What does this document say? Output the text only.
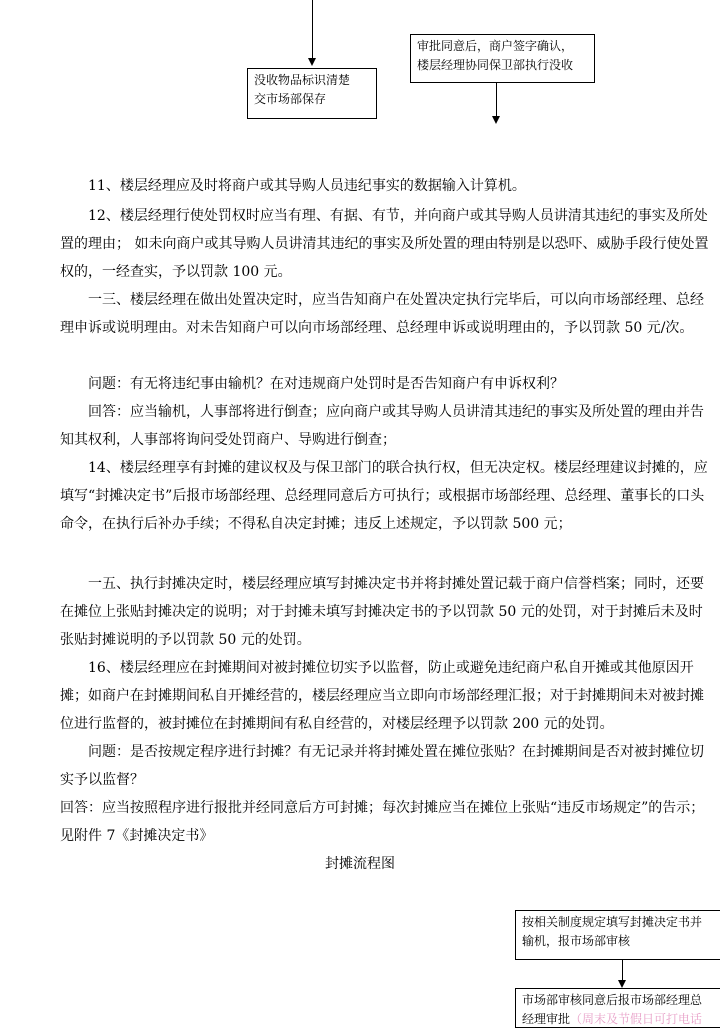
没收物品标识清楚
交市场部保存
审批同意后，商户签字确认，
楼层经理协同保卫部执行没收

11、楼层经理应及时将商户或其导购人员违纪事实的数据输入计算机。

12、楼层经理行使处罚权时应当有理、有据、有节，并向商户或其导购人员讲清其违纪的事实及所处置的理由； 如未向商户或其导购人员讲清其违纪的事实及所处置的理由特别是以恐吓、威胁手段行使处置权的，一经查实，予以罚款 100 元。

一三、楼层经理在做出处置决定时，应当告知商户在处置决定执行完毕后，可以向市场部经理、总经理申诉或说明理由。对未告知商户可以向市场部经理、总经理申诉或说明理由的，予以罚款 50 元/次。

问题：有无将违纪事由输机？在对违规商户处罚时是否告知商户有申诉权利？

回答：应当输机，人事部将进行倒查；应向商户或其导购人员讲清其违纪的事实及所处置的理由并告知其权利，人事部将询问受处罚商户、导购进行倒查；

14、楼层经理享有封摊的建议权及与保卫部门的联合执行权，但无决定权。楼层经理建议封摊的，应填写“封摊决定书”后报市场部经理、总经理同意后方可执行；或根据市场部经理、总经理、董事长的口头命令，在执行后补办手续；不得私自决定封摊；违反上述规定，予以罚款 500 元；

一五、执行封摊决定时，楼层经理应填写封摊决定书并将封摊处置记载于商户信誉档案；同时，还要在摊位上张贴封摊决定的说明；对于封摊未填写封摊决定书的予以罚款 50 元的处罚，对于封摊后未及时张贴封摊说明的予以罚款 50 元的处罚。

16、楼层经理应在封摊期间对被封摊位切实予以监督，防止或避免违纪商户私自开摊或其他原因开摊；如商户在封摊期间私自开摊经营的，楼层经理应当立即向市场部经理汇报；对于封摊期间未对被封摊位进行监督的，被封摊位在封摊期间有私自经营的，对楼层经理予以罚款 200 元的处罚。

问题：是否按规定程序进行封摊？有无记录并将封摊处置在摊位张贴？在封摊期间是否对被封摊位切实予以监督？

回答：应当按照程序进行报批并经同意后方可封摊；每次封摊应当在摊位上张贴“违反市场规定”的告示； 见附件 7《封摊决定书》

封摊流程图
按相关制度规定填写封摊决定书并
输机，报市场部审核
市场部审核同意后报市场部经理总
经理审批（周末及节假日可打电话
